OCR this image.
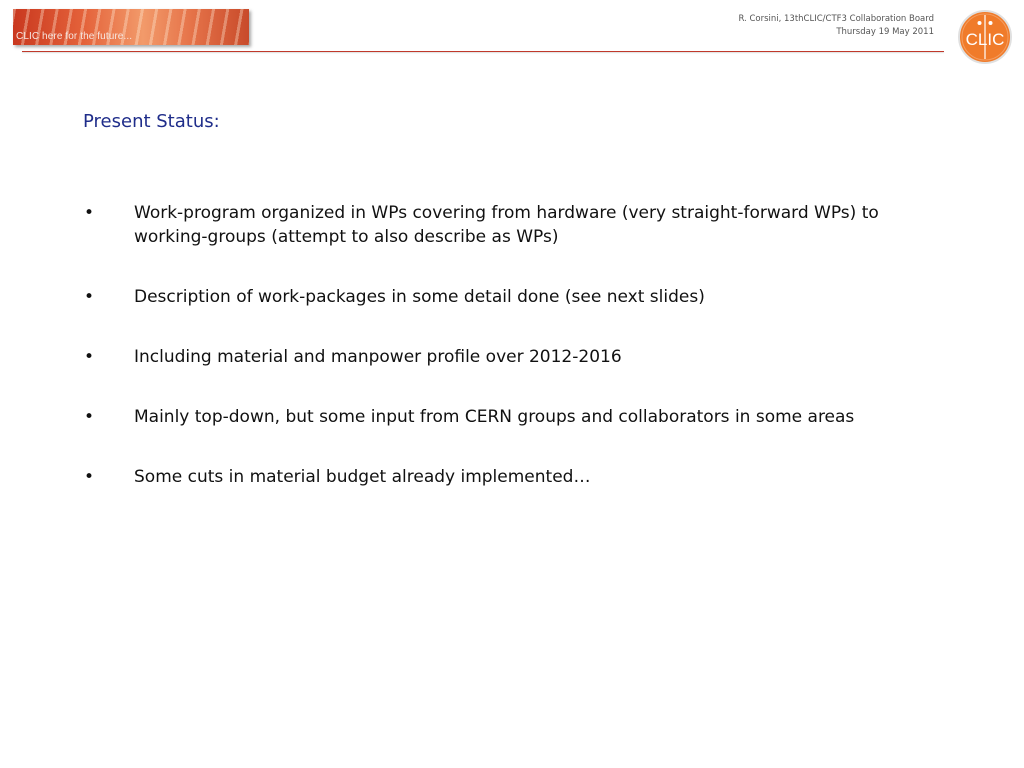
CLIC here for the future...
R. Corsini, 13thCLIC/CTF3 Collaboration Board
Thursday 19 May 2011 CLIC
Present Status:
• Work-program organized in WPs covering from hardware (very straight-forward WPs) to working-groups (attempt to also describe as WPs)
• Description of work-packages in some detail done (see next slides)
• Including material and manpower profile over 2012-2016
• Mainly top-down, but some input from CERN groups and collaborators in some areas
• Some cuts in material budget already implemented…
